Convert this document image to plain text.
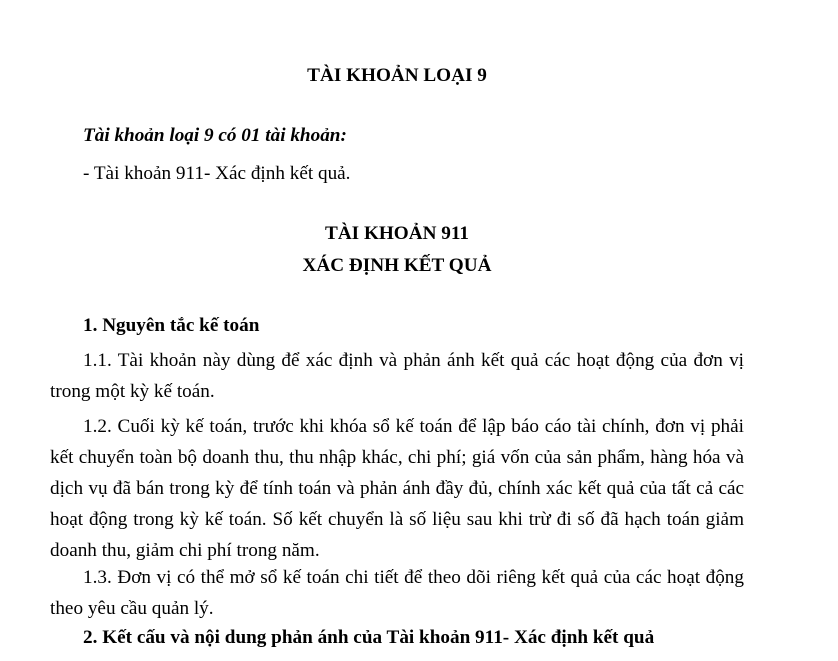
TÀI KHOẢN LOẠI 9
Tài khoản loại 9 có 01 tài khoản:
- Tài khoản 911- Xác định kết quả.
TÀI KHOẢN 911
XÁC ĐỊNH KẾT QUẢ
1. Nguyên tắc kế toán
1.1. Tài khoản này dùng để xác định và phản ánh kết quả các hoạt động của đơn vị trong một kỳ kế toán.
1.2. Cuối kỳ kế toán, trước khi khóa sổ kế toán để lập báo cáo tài chính, đơn vị phải kết chuyển toàn bộ doanh thu, thu nhập khác, chi phí; giá vốn của sản phẩm, hàng hóa và dịch vụ đã bán trong kỳ để tính toán và phản ánh đầy đủ, chính xác kết quả của tất cả các hoạt động trong kỳ kế toán. Số kết chuyển là số liệu sau khi trừ đi số đã hạch toán giảm doanh thu, giảm chi phí trong năm.
1.3. Đơn vị có thể mở sổ kế toán chi tiết để theo dõi riêng kết quả của các hoạt động theo yêu cầu quản lý.
2. Kết cấu và nội dung phản ánh của Tài khoản 911- Xác định kết quả
